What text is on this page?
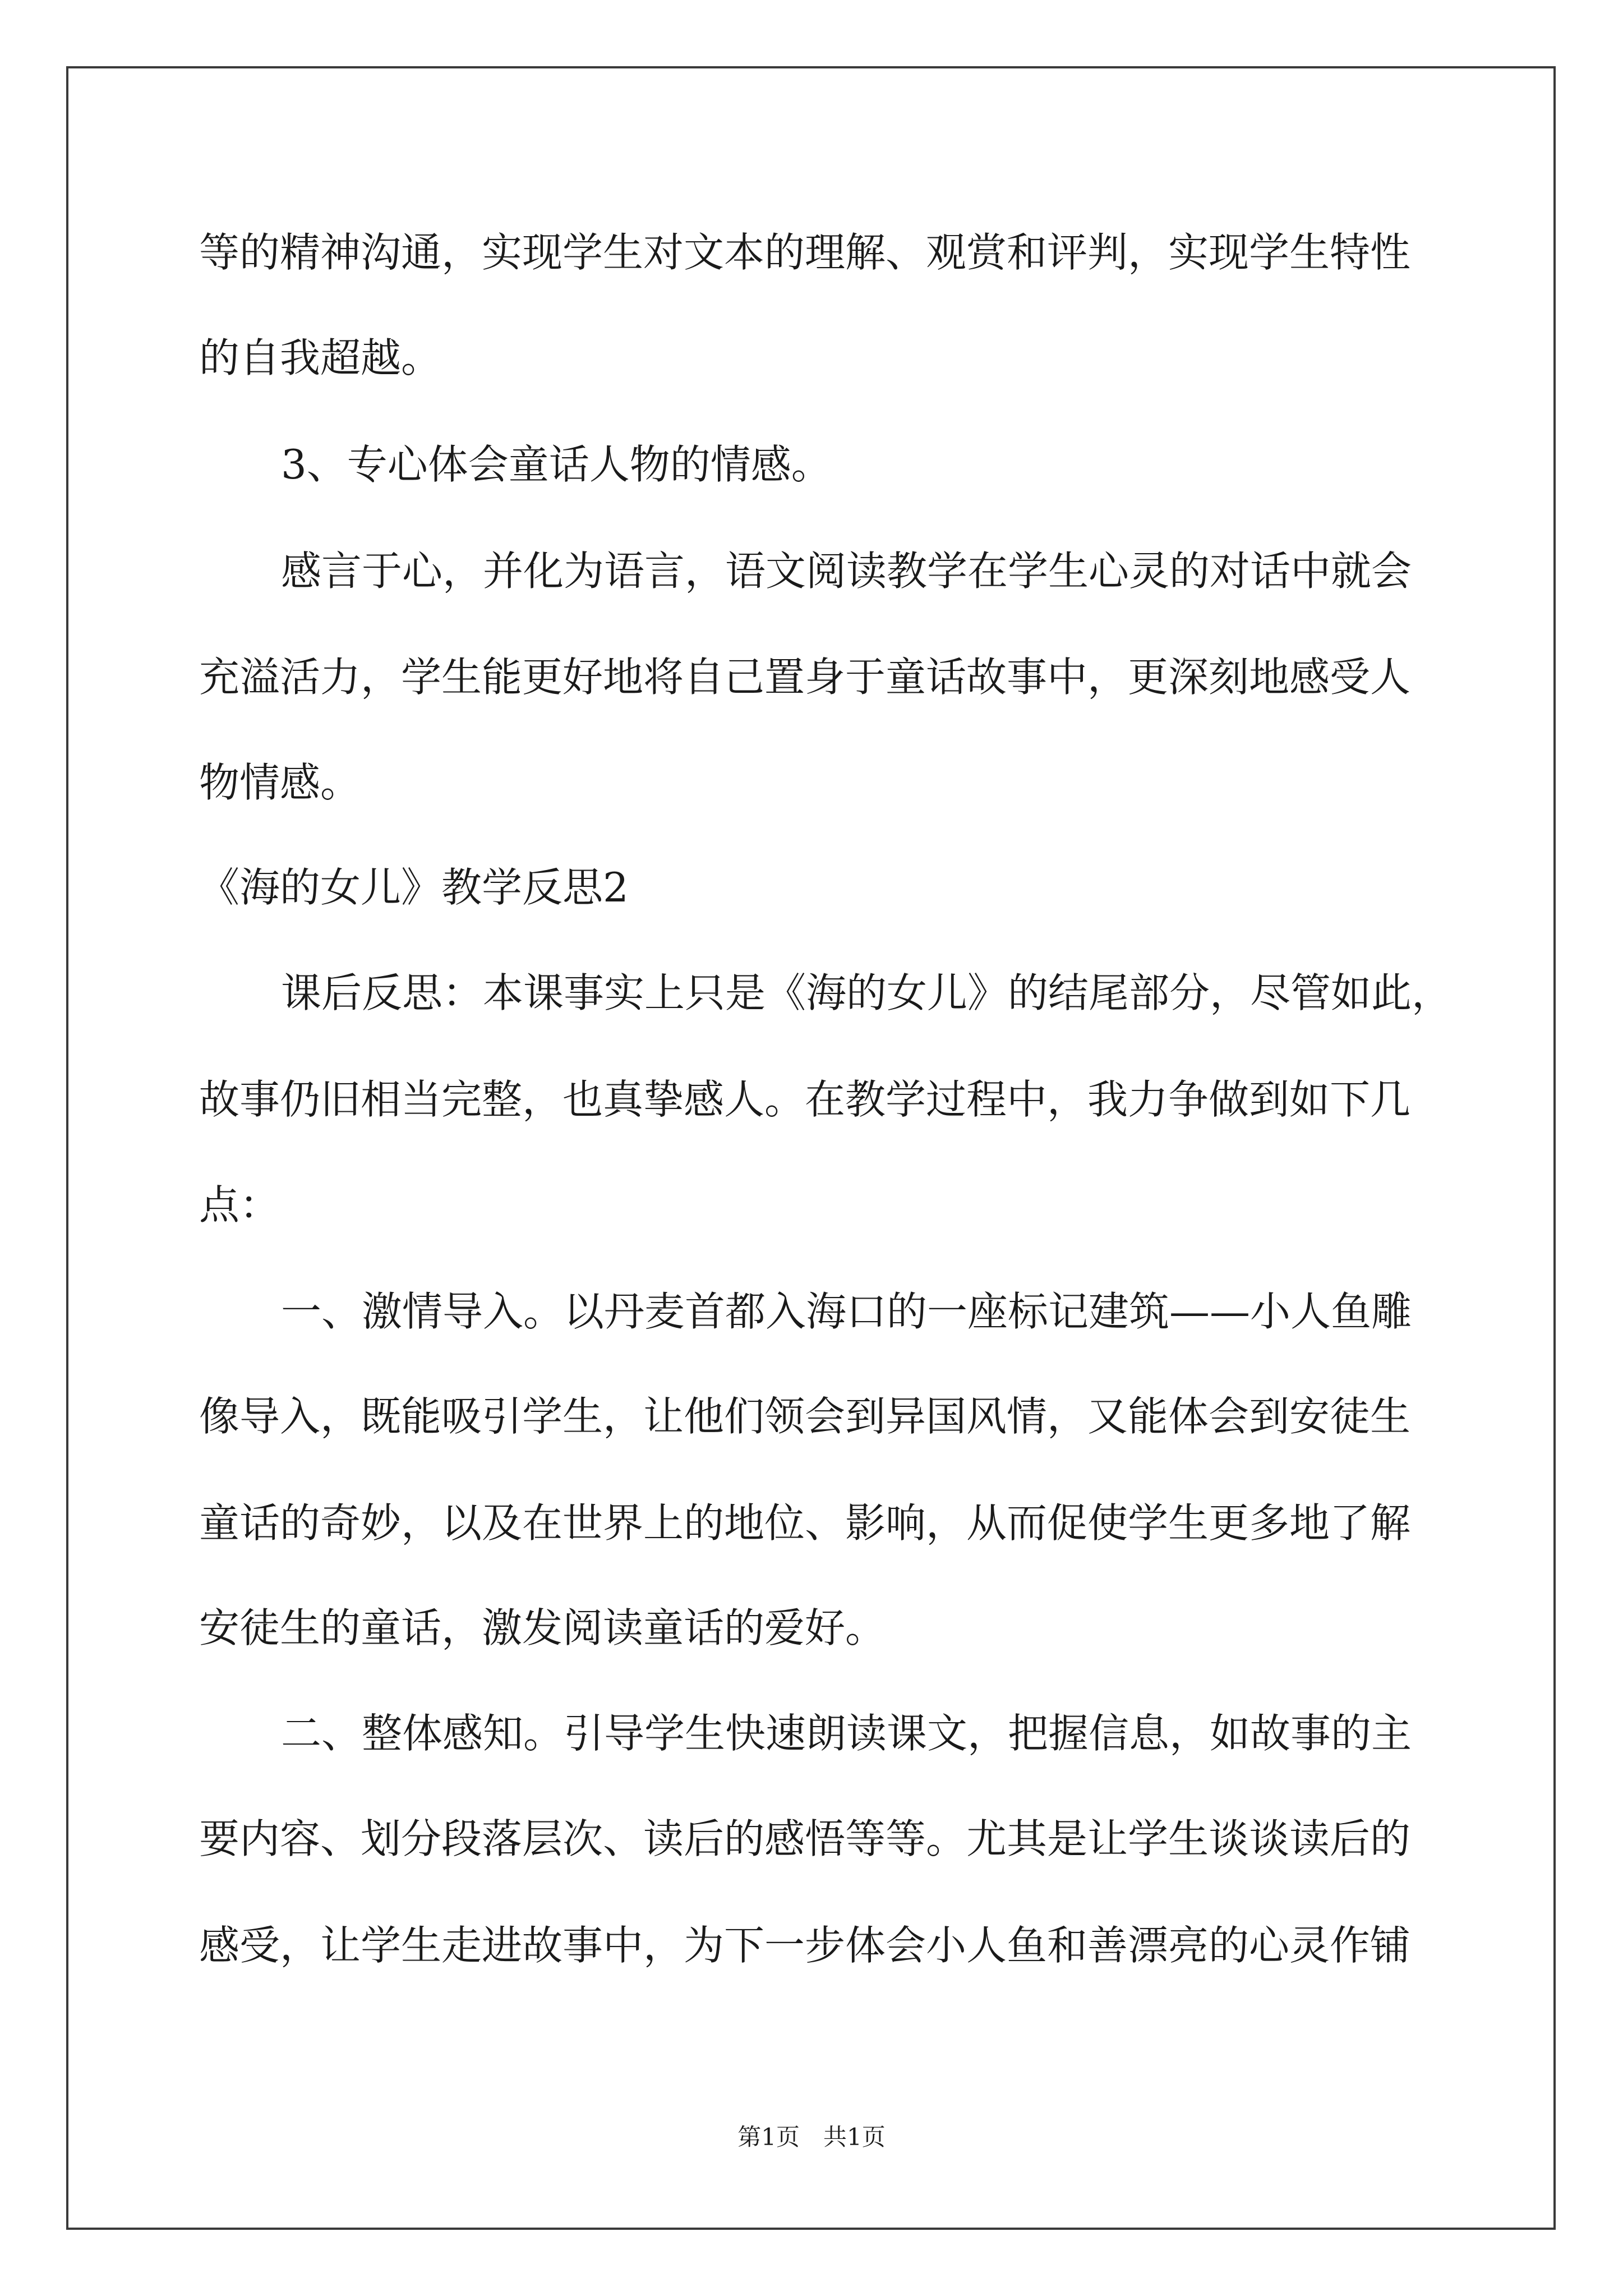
等的精神沟通，实现学生对文本的理解、观赏和评判，实现学生特性
的自我超越。
3、专心体会童话人物的情感。
感言于心，并化为语言，语文阅读教学在学生心灵的对话中就会
充溢活力，学生能更好地将自己置身于童话故事中，更深刻地感受人
物情感。
《海的女儿》教学反思2
课后反思：本课事实上只是《海的女儿》的结尾部分，尽管如此，
故事仍旧相当完整，也真挚感人。在教学过程中，我力争做到如下几
点：
一、激情导入。以丹麦首都入海口的一座标记建筑——小人鱼雕
像导入，既能吸引学生，让他们领会到异国风情，又能体会到安徒生
童话的奇妙，以及在世界上的地位、影响，从而促使学生更多地了解
安徒生的童话，激发阅读童话的爱好。
二、整体感知。引导学生快速朗读课文，把握信息，如故事的主
要内容、划分段落层次、读后的感悟等等。尤其是让学生谈谈读后的
感受，让学生走进故事中，为下一步体会小人鱼和善漂亮的心灵作铺
第1页　共1页
